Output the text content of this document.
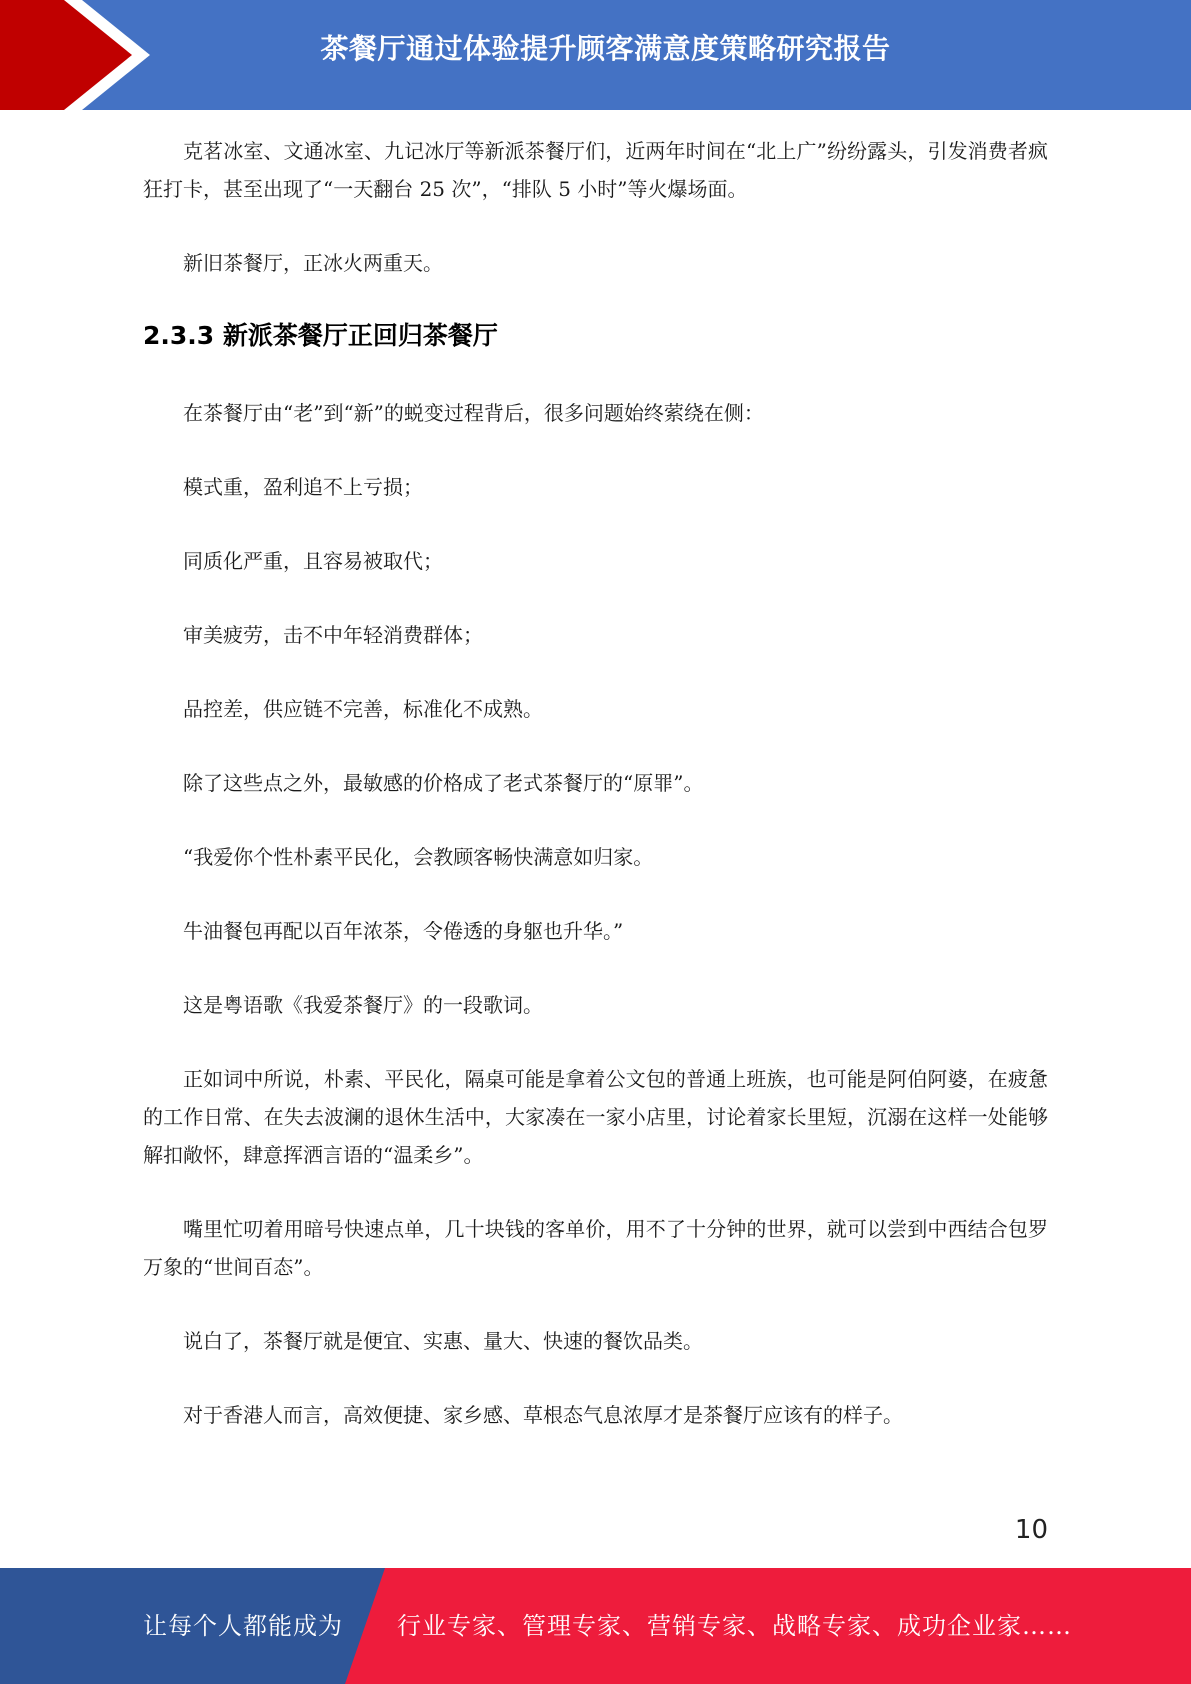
茶餐厅通过体验提升顾客满意度策略研究报告

克茗冰室、文通冰室、九记冰厅等新派茶餐厅们，近两年时间在“北上广”纷纷露头，引发消费者疯狂打卡，甚至出现了“一天翻台 25 次”，“排队 5 小时”等火爆场面。

新旧茶餐厅，正冰火两重天。

2.3.3 新派茶餐厅正回归茶餐厅

在茶餐厅由“老”到“新”的蜕变过程背后，很多问题始终萦绕在侧：

模式重，盈利追不上亏损；

同质化严重，且容易被取代；

审美疲劳，击不中年轻消费群体；

品控差，供应链不完善，标准化不成熟。

除了这些点之外，最敏感的价格成了老式茶餐厅的“原罪”。

“我爱你个性朴素平民化，会教顾客畅快满意如归家。

牛油餐包再配以百年浓茶，令倦透的身躯也升华。”

这是粤语歌《我爱茶餐厅》的一段歌词。

正如词中所说，朴素、平民化，隔桌可能是拿着公文包的普通上班族，也可能是阿伯阿婆，在疲惫的工作日常、在失去波澜的退休生活中，大家凑在一家小店里，讨论着家长里短，沉溺在这样一处能够解扣敞怀，肆意挥洒言语的“温柔乡”。

嘴里忙叨着用暗号快速点单，几十块钱的客单价，用不了十分钟的世界，就可以尝到中西结合包罗万象的“世间百态”。

说白了，茶餐厅就是便宜、实惠、量大、快速的餐饮品类。

对于香港人而言，高效便捷、家乡感、草根态气息浓厚才是茶餐厅应该有的样子。

10
让每个人都能成为 行业专家、管理专家、营销专家、战略专家、成功企业家……
